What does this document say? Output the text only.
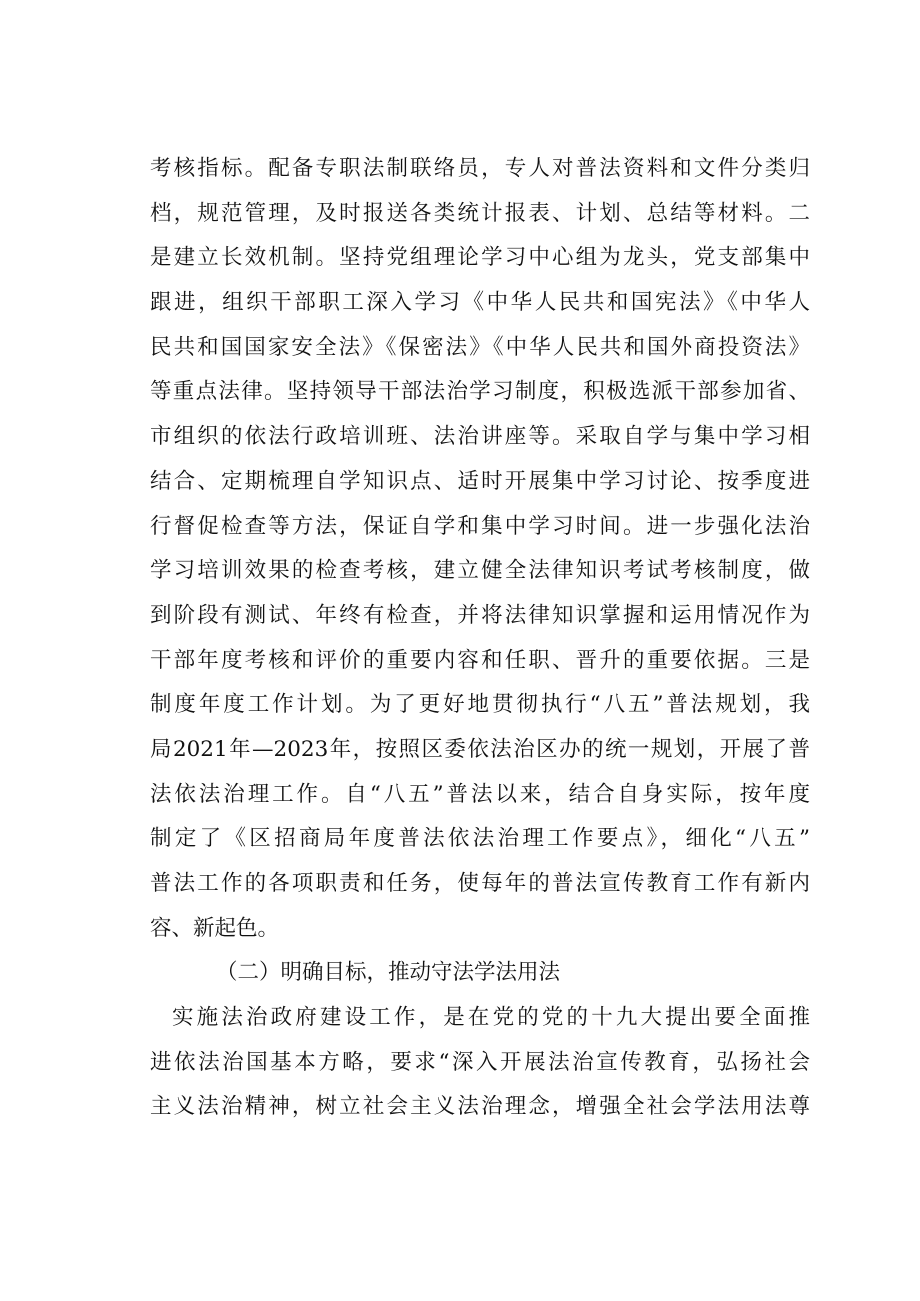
考核指标。配备专职法制联络员，专人对普法资料和文件分类归
档，规范管理，及时报送各类统计报表、计划、总结等材料。二
是建立长效机制。坚持党组理论学习中心组为龙头，党支部集中
跟进，组织干部职工深入学习《中华人民共和国宪法》《中华人
民共和国国家安全法》《保密法》《中华人民共和国外商投资法》
等重点法律。坚持领导干部法治学习制度，积极选派干部参加省、
市组织的依法行政培训班、法治讲座等。采取自学与集中学习相
结合、定期梳理自学知识点、适时开展集中学习讨论、按季度进
行督促检查等方法，保证自学和集中学习时间。进一步强化法治
学习培训效果的检查考核，建立健全法律知识考试考核制度，做
到阶段有测试、年终有检查，并将法律知识掌握和运用情况作为
干部年度考核和评价的重要内容和任职、晋升的重要依据。三是
制度年度工作计划。为了更好地贯彻执行“八五”普法规划，我
局2021年—2023年，按照区委依法治区办的统一规划，开展了普
法依法治理工作。自“八五”普法以来，结合自身实际，按年度
制定了《区招商局年度普法依法治理工作要点》，细化“八五”
普法工作的各项职责和任务，使每年的普法宣传教育工作有新内
容、新起色。
（二）明确目标，推动守法学法用法
实施法治政府建设工作，是在党的党的十九大提出要全面推
进依法治国基本方略，要求“深入开展法治宣传教育，弘扬社会
主义法治精神，树立社会主义法治理念，增强全社会学法用法尊
